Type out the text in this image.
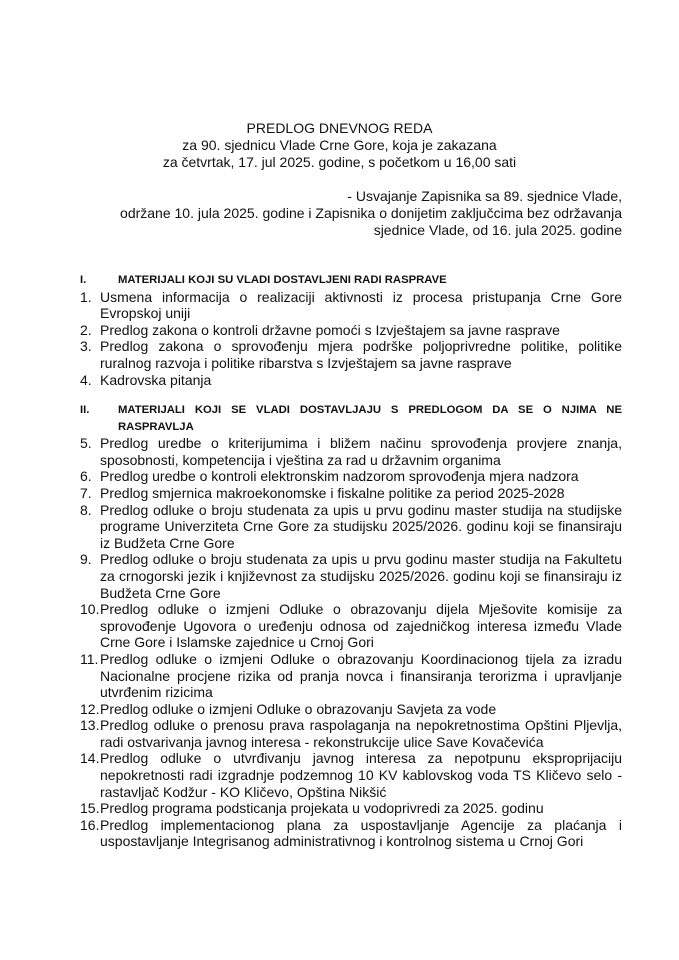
PREDLOG DNEVNOG REDA
za 90. sjednicu Vlade Crne Gore, koja je zakazana
za četvrtak, 17. jul 2025. godine, s početkom u 16,00 sati
- Usvajanje Zapisnika sa 89. sjednice Vlade,
održane 10. jula 2025. godine i Zapisnika o donijetim zaključcima bez održavanja
sjednice Vlade, od 16. jula 2025. godine
I.	MATERIJALI KOJI SU VLADI DOSTAVLJENI RADI RASPRAVE
1. Usmena informacija o realizaciji aktivnosti iz procesa pristupanja Crne Gore Evropskoj uniji
2. Predlog zakona o kontroli državne pomoći s Izvještajem sa javne rasprave
3. Predlog zakona o sprovođenju mjera podrške poljoprivredne politike, politike ruralnog razvoja i politike ribarstva s Izvještajem sa javne rasprave
4. Kadrovska pitanja
II.	MATERIJALI KOJI SE VLADI DOSTAVLJAJU S PREDLOGOM DA SE O NJIMA NE RASPRAVLJA
5. Predlog uredbe o kriterijumima i bližem načinu sprovođenja provjere znanja, sposobnosti, kompetencija i vještina za rad u državnim organima
6. Predlog uredbe o kontroli elektronskim nadzorom sprovođenja mjera nadzora
7. Predlog smjernica makroekonomske i fiskalne politike za period 2025-2028
8. Predlog odluke o broju studenata za upis u prvu godinu master studija na studijske programe Univerziteta Crne Gore za studijsku 2025/2026. godinu koji se finansiraju iz Budžeta Crne Gore
9. Predlog odluke o broju studenata za upis u prvu godinu master studija na Fakultetu za crnogorski jezik i književnost za studijsku 2025/2026. godinu koji se finansiraju iz Budžeta Crne Gore
10. Predlog odluke o izmjeni Odluke o obrazovanju dijela Mješovite komisije za sprovođenje Ugovora o uređenju odnosa od zajedničkog interesa između Vlade Crne Gore i Islamske zajednice u Crnoj Gori
11. Predlog odluke o izmjeni Odluke o obrazovanju Koordinacionog tijela za izradu Nacionalne procjene rizika od pranja novca i finansiranja terorizma i upravljanje utvrđenim rizicima
12. Predlog odluke o izmjeni Odluke o obrazovanju Savjeta za vode
13. Predlog odluke o prenosu prava raspolaganja na nepokretnostima Opštini Pljevlja, radi ostvarivanja javnog interesa - rekonstrukcije ulice Save Kovačevića
14. Predlog odluke o utvrđivanju javnog interesa za nepotpunu eksproprijaciju nepokretnosti radi izgradnje podzemnog 10 KV kablovskog voda TS Kličevo selo - rastavljač Kodžur - KO Kličevo, Opština Nikšić
15. Predlog programa podsticanja projekata u vodoprivredi za 2025. godinu
16. Predlog implementacionog plana za uspostavljanje Agencije za plaćanja i uspostavljanje Integrisanog administrativnog i kontrolnog sistema u Crnoj Gori
